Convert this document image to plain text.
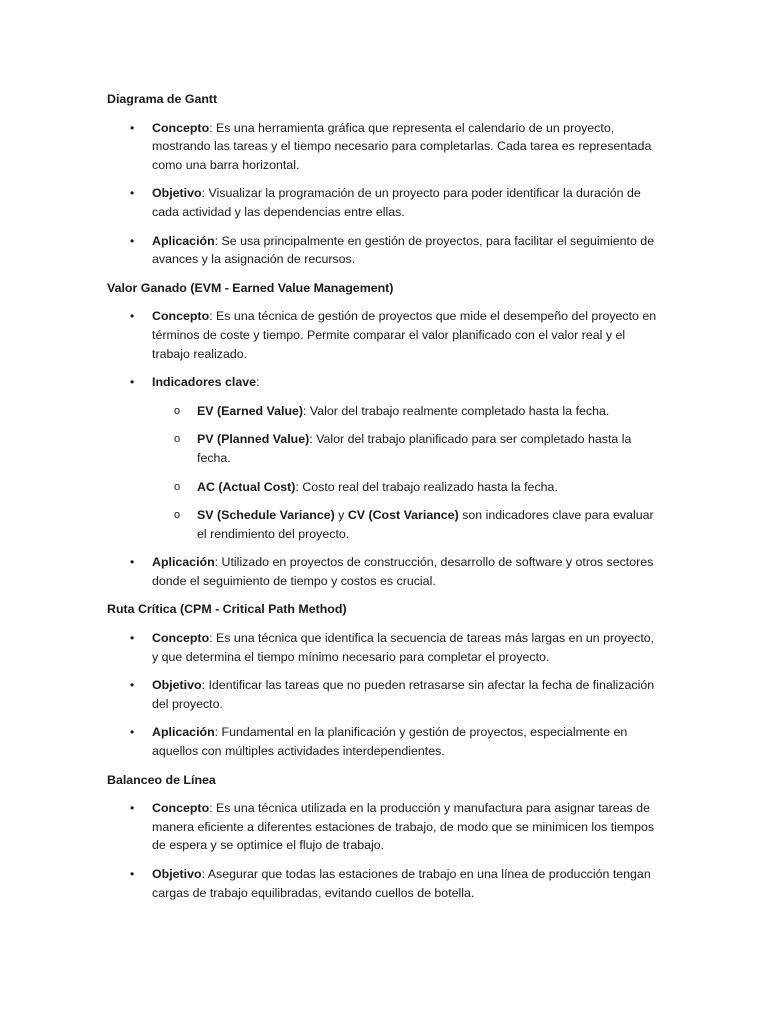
Diagrama de Gantt
• Concepto: Es una herramienta gráfica que representa el calendario de un proyecto, mostrando las tareas y el tiempo necesario para completarlas. Cada tarea es representada como una barra horizontal.
• Objetivo: Visualizar la programación de un proyecto para poder identificar la duración de cada actividad y las dependencias entre ellas.
• Aplicación: Se usa principalmente en gestión de proyectos, para facilitar el seguimiento de avances y la asignación de recursos.
Valor Ganado (EVM - Earned Value Management)
• Concepto: Es una técnica de gestión de proyectos que mide el desempeño del proyecto en términos de coste y tiempo. Permite comparar el valor planificado con el valor real y el trabajo realizado.
• Indicadores clave:
o EV (Earned Value): Valor del trabajo realmente completado hasta la fecha.
o PV (Planned Value): Valor del trabajo planificado para ser completado hasta la fecha.
o AC (Actual Cost): Costo real del trabajo realizado hasta la fecha.
o SV (Schedule Variance) y CV (Cost Variance) son indicadores clave para evaluar el rendimiento del proyecto.
• Aplicación: Utilizado en proyectos de construcción, desarrollo de software y otros sectores donde el seguimiento de tiempo y costos es crucial.
Ruta Crítica (CPM - Critical Path Method)
• Concepto: Es una técnica que identifica la secuencia de tareas más largas en un proyecto, y que determina el tiempo mínimo necesario para completar el proyecto.
• Objetivo: Identificar las tareas que no pueden retrasarse sin afectar la fecha de finalización del proyecto.
• Aplicación: Fundamental en la planificación y gestión de proyectos, especialmente en aquellos con múltiples actividades interdependientes.
Balanceo de Línea
• Concepto: Es una técnica utilizada en la producción y manufactura para asignar tareas de manera eficiente a diferentes estaciones de trabajo, de modo que se minimicen los tiempos de espera y se optimice el flujo de trabajo.
• Objetivo: Asegurar que todas las estaciones de trabajo en una línea de producción tengan cargas de trabajo equilibradas, evitando cuellos de botella.
